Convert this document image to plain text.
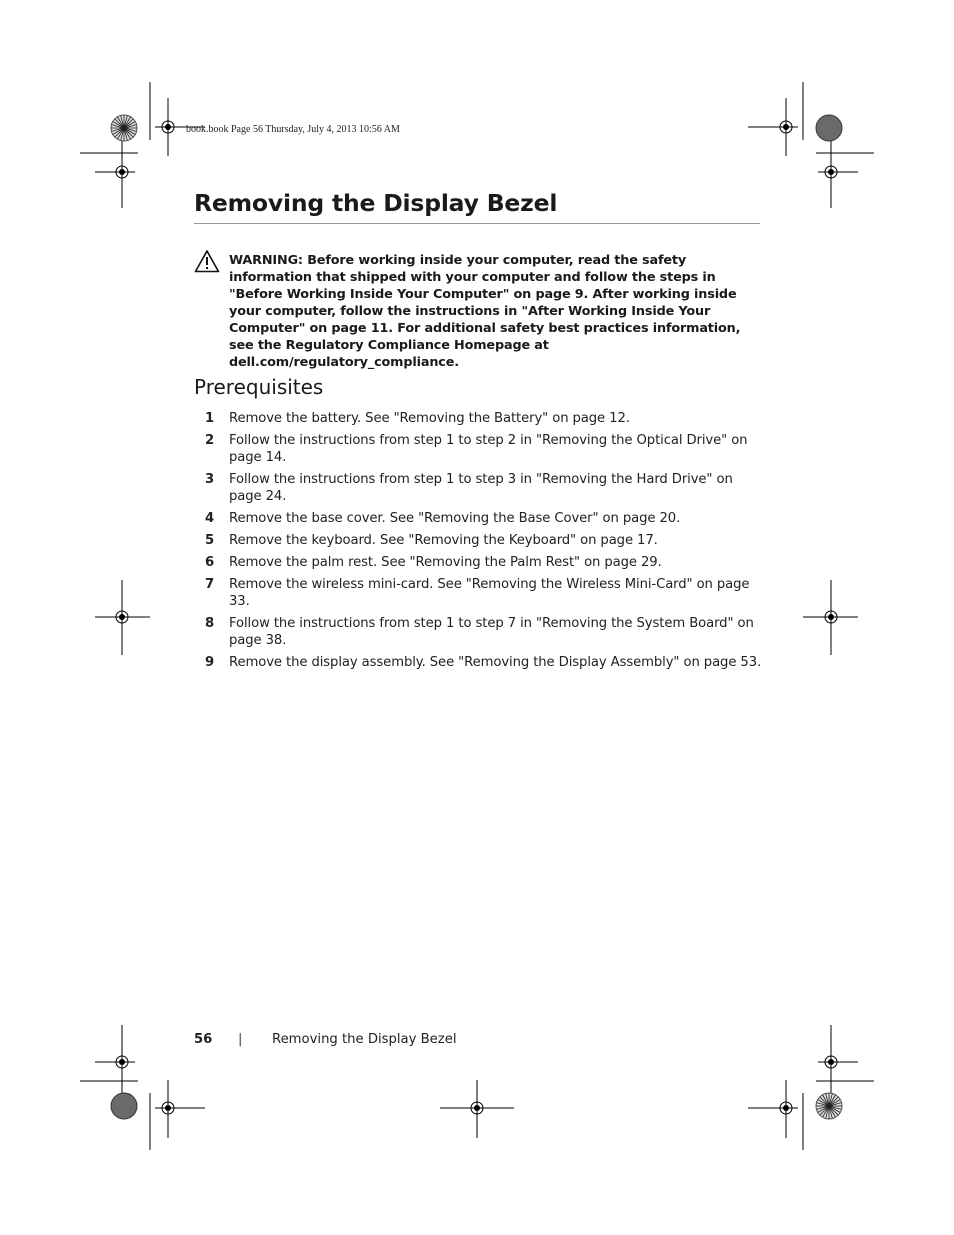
book.book Page 56 Thursday, July 4, 2013 10:56 AM
Removing the Display Bezel
WARNING: Before working inside your computer, read the safety information that shipped with your computer and follow the steps in "Before Working Inside Your Computer" on page 9. After working inside your computer, follow the instructions in "After Working Inside Your Computer" on page 11. For additional safety best practices information, see the Regulatory Compliance Homepage at dell.com/regulatory_compliance.
Prerequisites
1 Remove the battery. See "Removing the Battery" on page 12.
2 Follow the instructions from step 1 to step 2 in "Removing the Optical Drive" on page 14.
3 Follow the instructions from step 1 to step 3 in "Removing the Hard Drive" on page 24.
4 Remove the base cover. See "Removing the Base Cover" on page 20.
5 Remove the keyboard. See "Removing the Keyboard" on page 17.
6 Remove the palm rest. See "Removing the Palm Rest" on page 29.
7 Remove the wireless mini-card. See "Removing the Wireless Mini-Card" on page 33.
8 Follow the instructions from step 1 to step 7 in "Removing the System Board" on page 38.
9 Remove the display assembly. See "Removing the Display Assembly" on page 53.
56 | Removing the Display Bezel
